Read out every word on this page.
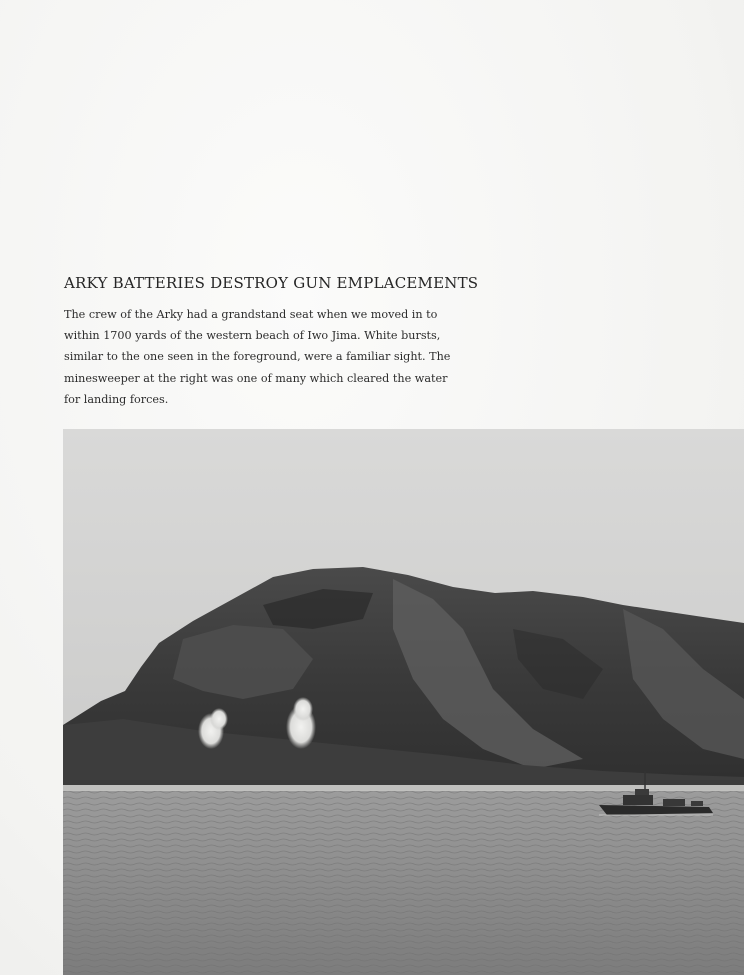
ARKY BATTERIES DESTROY GUN EMPLACEMENTS

The crew of the Arky had a grandstand seat when we moved in to
within 1700 yards of the western beach of Iwo Jima. White bursts,
similar to the one seen in the foreground, were a familiar sight. The
minesweeper at the right was one of many which cleared the water
for landing forces.
